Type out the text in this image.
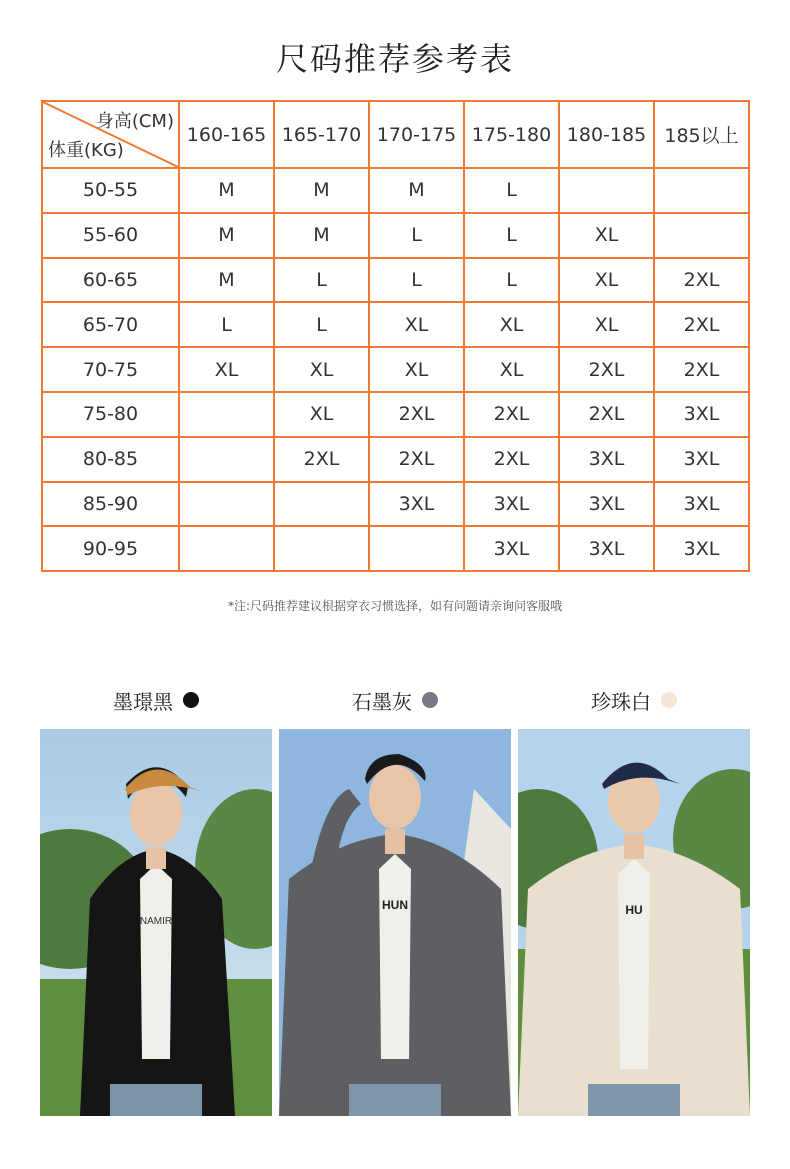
尺码推荐参考表
身高(CM)
体重(KG)	160-165	165-170	170-175	175-180	180-185	185以上
50-55	M	M	M	L		
55-60	M	M	L	L	XL	
60-65	M	L	L	L	XL	2XL
65-70	L	L	XL	XL	XL	2XL
70-75	XL	XL	XL	XL	2XL	2XL
75-80		XL	2XL	2XL	2XL	3XL
80-85		2XL	2XL	2XL	3XL	3XL
85-90			3XL	3XL	3XL	3XL
90-95				3XL	3XL	3XL
*注:尺码推荐建议根据穿衣习惯选择，如有问题请亲询问客服哦
墨璟黑
NAMIR
石墨灰
HUN
珍珠白
HU
